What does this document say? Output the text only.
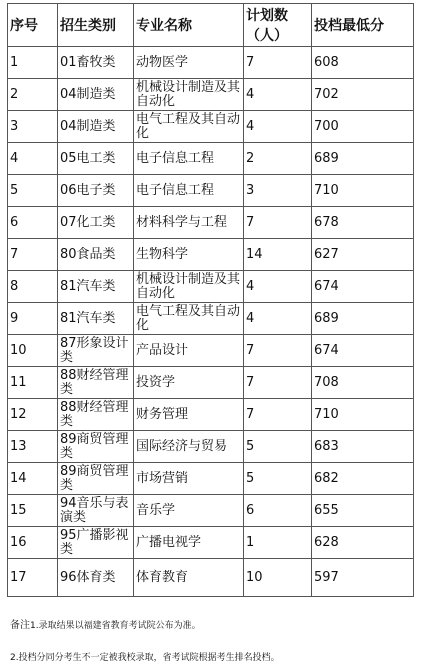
序号	招生类别	专业名称	计划数（人）	投档最低分
1	01畜牧类	动物医学	7	608
2	04制造类	机械设计制造及其自动化	4	702
3	04制造类	电气工程及其自动化	4	700
4	05电工类	电子信息工程	2	689
5	06电子类	电子信息工程	3	710
6	07化工类	材料科学与工程	7	678
7	80食品类	生物科学	14	627
8	81汽车类	机械设计制造及其自动化	4	674
9	81汽车类	电气工程及其自动化	4	689
10	87形象设计类	产品设计	7	674
11	88财经管理类	投资学	7	708
12	88财经管理类	财务管理	7	710
13	89商贸管理类	国际经济与贸易	5	683
14	89商贸管理类	市场营销	5	682
15	94音乐与表演类	音乐学	6	655
16	95广播影视类	广播电视学	1	628
17	96体育类	体育教育	10	597
备注1.录取结果以福建省教育考试院公布为准。
2.投档分同分考生不一定被我校录取，省考试院根据考生排名投档。
